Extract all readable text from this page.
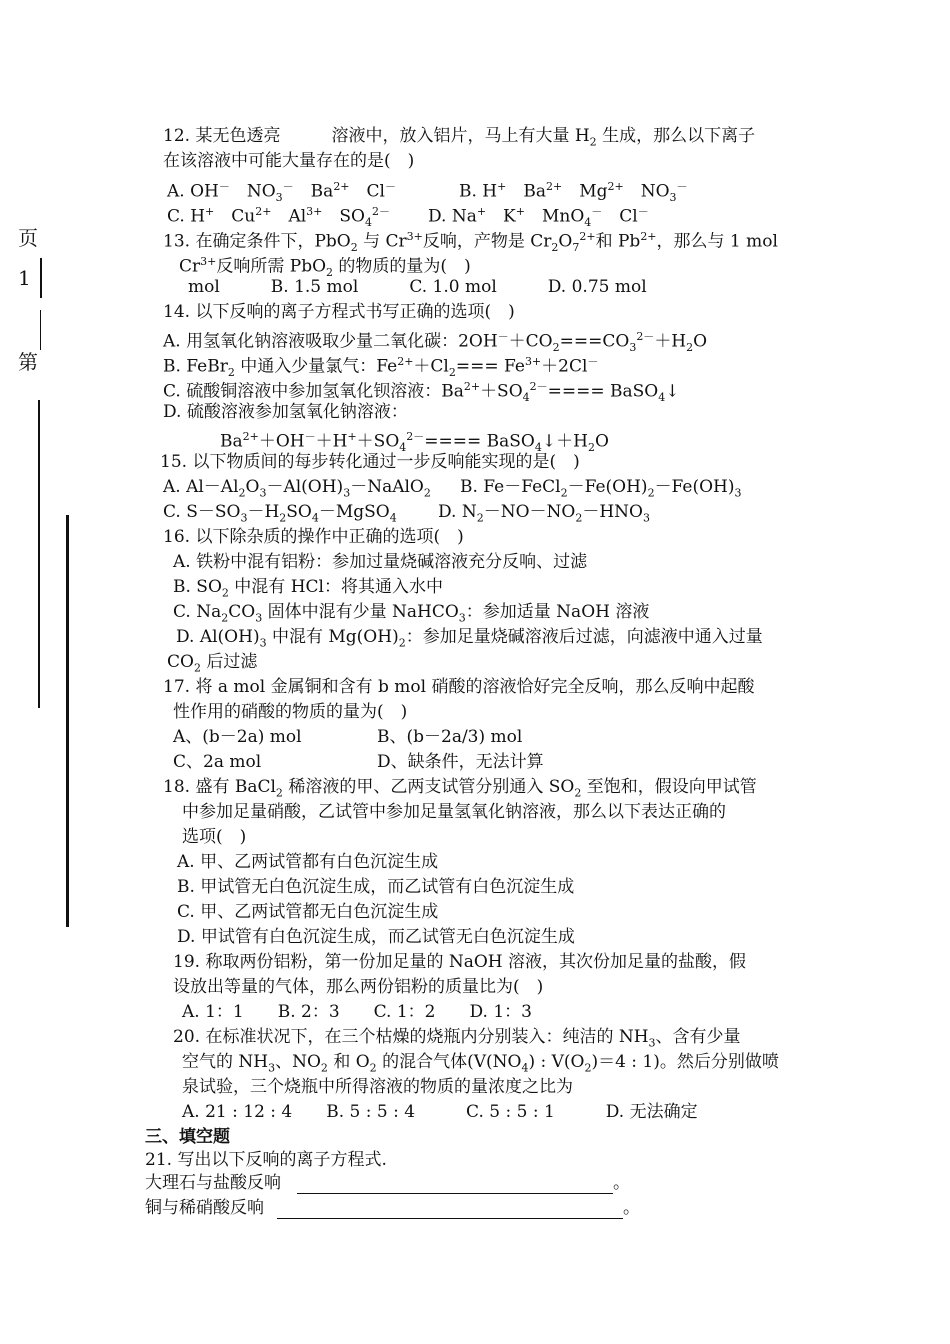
第
1
页
12. 某无色透亮　　　溶液中，放入铝片，马上有大量 $H_2$ 生成，那么以下离子
在该溶液中可能大量存在的是(　)
A. OH－　$NO_3^-$　$Ba^{2+}$　Cl－	B. H+　$Ba^{2+}$　$Mg^{2+}$　$NO_3^-$
C. H+　$Cu^{2+}$　$Al^{3+}$　$SO_4^{2-}$ D. Na+　K+　MnO$_4$－　Cl－
13. 在确定条件下，PbO$_2$ 与 $Cr^{3+}$反响，产物是 $Cr_2O_7^{2+}$和 $Pb^{2+}$，那么与 1 mol
$Cr^{3+}$反响所需 PbO$_2$ 的物质的量为(　)
mol　　　B. 1.5 mol　　　C. 1.0 mol　　　D. 0.75 mol
14. 以下反响的离子方程式书写正确的选项(　)
A. 用氢氧化钠溶液吸取少量二氧化碳：$2OH^-+CO_2===CO_3^{2-}+H_2O$
B. FeBr$_2$ 中通入少量氯气：$Fe^{2+}+Cl_2=== Fe^{3+}+2Cl^-$
C. 硫酸铜溶液中参加氢氧化钡溶液：$Ba^{2+}+SO_4^{2-}====$ BaSO$_4$↓
D. 硫酸溶液参加氢氧化钠溶液：
$Ba^{2+}+OH^-+H^++SO_4^{2-}====$ $BaSO_4↓+H_2O$
15. 以下物质间的每步转化通过一步反响能实现的是(　)
A. $Al-Al_2O_3-Al(OH)_3-NaAlO_2$ B. $Fe-FeCl_2-Fe(OH)_2-Fe(OH)_3$
C. $S-SO_3-H_2SO_4-MgSO_4$ D. $N_2-NO-NO_2-HNO_3$
16. 以下除杂质的操作中正确的选项(　)
A. 铁粉中混有铝粉：参加过量烧碱溶液充分反响、过滤
B. $SO_2$ 中混有 HCl：将其通入水中
C. $Na_2CO_3$ 固体中混有少量 NaHCO$_3$：参加适量 NaOH 溶液
D. $Al(OH)_3$ 中混有 $Mg(OH)_2$：参加足量烧碱溶液后过滤，向滤液中通入过量
$CO_2$ 后过滤
17. 将 a mol 金属铜和含有 b mol 硝酸的溶液恰好完全反响，那么反响中起酸
性作用的硝酸的物质的量为(　)
A、(b－2a) mol	B、(b－2a/3) mol
C、2a mol	D、缺条件，无法计算
18. 盛有 BaCl$_2$ 稀溶液的甲、乙两支试管分别通入 $SO_2$ 至饱和，假设向甲试管
中参加足量硝酸，乙试管中参加足量氢氧化钠溶液，那么以下表达正确的
选项(　)
A. 甲、乙两试管都有白色沉淀生成
B. 甲试管无白色沉淀生成，而乙试管有白色沉淀生成
C. 甲、乙两试管都无白色沉淀生成
D. 甲试管有白色沉淀生成，而乙试管无白色沉淀生成
19. 称取两份铝粉，第一份加足量的 NaOH 溶液，其次份加足量的盐酸，假
设放出等量的气体，那么两份铝粉的质量比为(　)
A. 1：1　　B. 2：3　　C. 1：2　　D. 1：3
20. 在标准状况下，在三个枯燥的烧瓶内分别装入：纯洁的 $NH_3$、含有少量
空气的 $NH_3$、$NO_2$ 和 $O_2$ 的混合气体($V(NO_4)$ : $V(O_2)=4$ : 1)。然后分别做喷
泉试验，三个烧瓶中所得溶液的物质的量浓度之比为
A. 21 : 12 : 4　　B. 5 : 5 : 4　　　C. 5 : 5 : 1　　　D. 无法确定
三、填空题
21. 写出以下反响的离子方程式.
大理石与盐酸反响
铜与稀硝酸反响
。
。
